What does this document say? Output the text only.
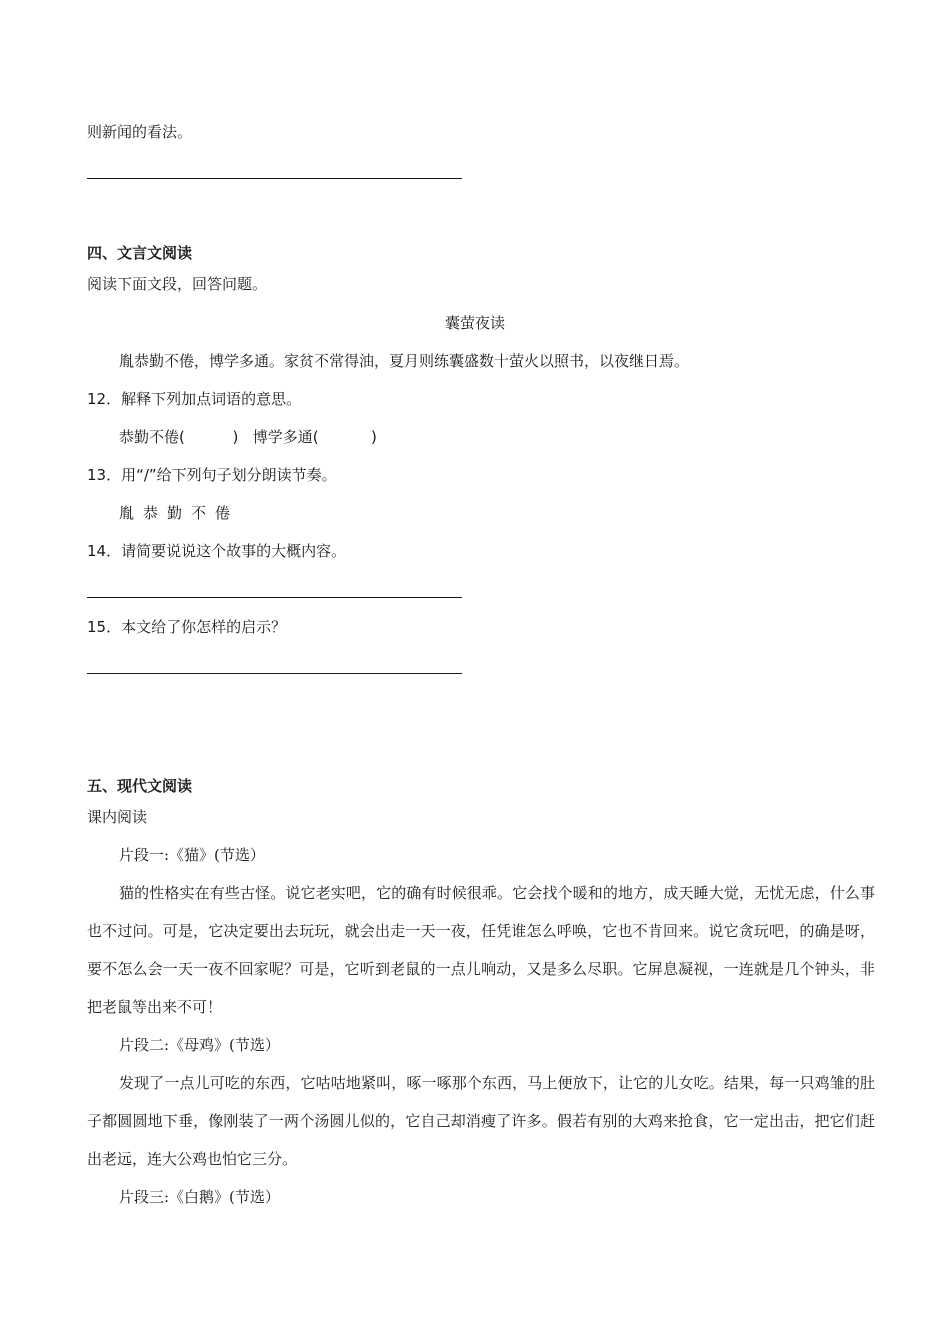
则新闻的看法。
四、文言文阅读
阅读下面文段，回答问题。
囊萤夜读
胤恭勤不倦，博学多通。家贫不常得油，夏月则练囊盛数十萤火以照书，以夜继日焉。
12．解释下列加点词语的意思。
恭勤不倦(          )   博学多通(           )
13．用“/”给下列句子划分朗读节奏。
胤恭勤不倦
14．请简要说说这个故事的大概内容。
15．本文给了你怎样的启示？
五、现代文阅读
课内阅读
片段一:《猫》(节选）
猫的性格实在有些古怪。说它老实吧，它的确有时候很乖。它会找个暖和的地方，成天睡大觉，无忧无虑，什么事也不过问。可是，它决定要出去玩玩，就会出走一天一夜，任凭谁怎么呼唤，它也不肯回来。说它贪玩吧，的确是呀，要不怎么会一天一夜不回家呢？可是，它听到老鼠的一点儿响动，又是多么尽职。它屏息凝视，一连就是几个钟头，非把老鼠等出来不可！
片段二:《母鸡》(节选）
发现了一点儿可吃的东西，它咕咕地紧叫，啄一啄那个东西，马上便放下，让它的儿女吃。结果，每一只鸡雏的肚子都圆圆地下垂，像刚装了一两个汤圆儿似的，它自己却消瘦了许多。假若有别的大鸡来抢食，它一定出击，把它们赶出老远，连大公鸡也怕它三分。
片段三:《白鹅》(节选）
